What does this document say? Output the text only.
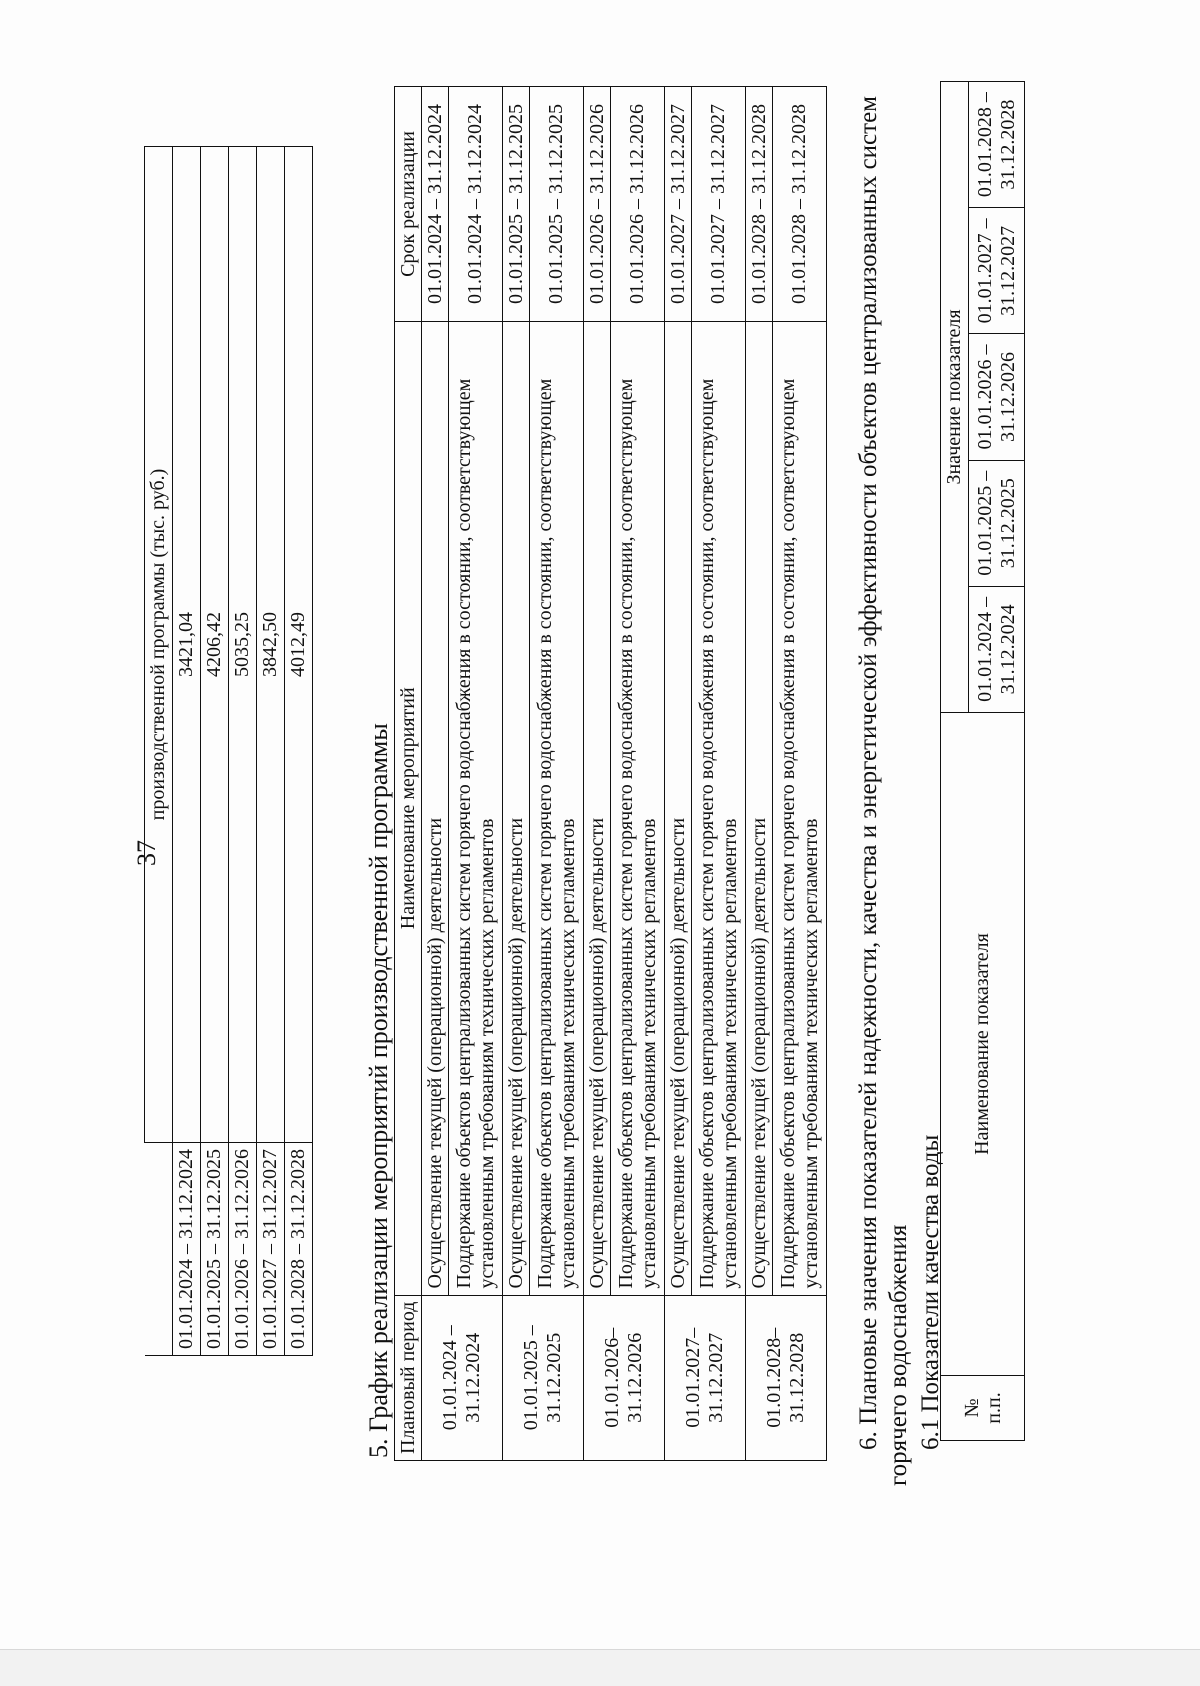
37
	производственной программы (тыс. руб.)
01.01.2024 – 31.12.2024	3421,04
01.01.2025 – 31.12.2025	4206,42
01.01.2026 – 31.12.2026	5035,25
01.01.2027 – 31.12.2027	3842,50
01.01.2028 – 31.12.2028	4012,49
5. График реализации мероприятий производственной программы Плановый период	Наименование мероприятий	Срок реализации
01.01.2024 – 31.12.2024	Осуществление текущей (операционной) деятельности	01.01.2024 – 31.12.2024
	Поддержание объектов централизованных систем горячего водоснабжения в состоянии, соответствующем установленным требованиям технических регламентов	01.01.2024 – 31.12.2024
01.01.2025 – 31.12.2025	Осуществление текущей (операционной) деятельности	01.01.2025 – 31.12.2025
	Поддержание объектов централизованных систем горячего водоснабжения в состоянии, соответствующем установленным требованиям технических регламентов	01.01.2025 – 31.12.2025
01.01.2026– 31.12.2026	Осуществление текущей (операционной) деятельности	01.01.2026 – 31.12.2026
	Поддержание объектов централизованных систем горячего водоснабжения в состоянии, соответствующем установленным требованиям технических регламентов	01.01.2026 – 31.12.2026
01.01.2027– 31.12.2027	Осуществление текущей (операционной) деятельности	01.01.2027 – 31.12.2027
	Поддержание объектов централизованных систем горячего водоснабжения в состоянии, соответствующем установленным требованиям технических регламентов	01.01.2027 – 31.12.2027
01.01.2028– 31.12.2028	Осуществление текущей (операционной) деятельности	01.01.2028 – 31.12.2028
	Поддержание объектов централизованных систем горячего водоснабжения в состоянии, соответствующем установленным требованиям технических регламентов	01.01.2028 – 31.12.2028 6. Плановые значения показателей надежности, качества и энергетической эффективности объектов централизованных систем горячего водоснабжения 6.1 Показатели качества воды № п.п.	Наименование показателя	Значение показателя				
		01.01.2024 – 31.12.2024	01.01.2025 – 31.12.2025	01.01.2026 – 31.12.2026	01.01.2027 – 31.12.2027	01.01.2028 – 31.12.2028
